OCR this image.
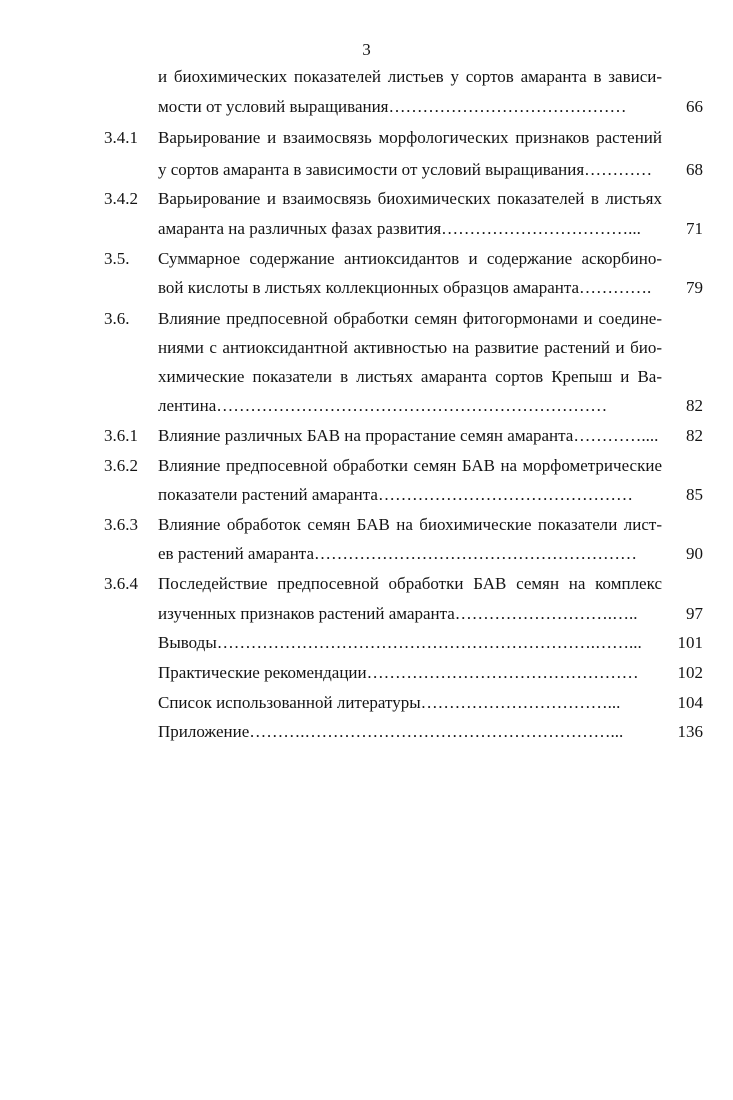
3
и биохимических показателей листьев у сортов амаранта в зависи-
мости от условий выращивания……………………………………	66
3.4.1 Варьирование и взаимосвязь морфологических признаков растений
у сортов амаранта в зависимости от условий выращивания…………	68
3.4.2 Варьирование и взаимосвязь биохимических показателей в листьях
амаранта на различных фазах развития……………………………...	71
3.5. Суммарное содержание антиоксидантов и содержание аскорбино-
вой кислоты в листьях коллекционных образцов амаранта………….	79
3.6. Влияние предпосевной обработки семян фитогормонами и соедине-
ниями с антиоксидантной активностью на развитие растений и био-
химические показатели в листьях амаранта сортов Крепыш и Ва-
лентина……………………………………………………………	82
3.6.1 Влияние различных БАВ на прорастание семян амаранта…………....	82
3.6.2 Влияние предпосевной обработки семян БАВ на морфометрические
показатели растений амаранта………………………………………	85
3.6.3 Влияние обработок семян БАВ на биохимические показатели лист-
ев растений амаранта…………………………………………………	90
3.6.4 Последействие предпосевной обработки БАВ семян на комплекс
изученных признаков растений амаранта……………………….…..	97
Выводы………………………………………………………….……...	101
Практические рекомендации…………………………………………	102
Список использованной литературы……………………………...	104
Приложение……….………………………………………………...	136
